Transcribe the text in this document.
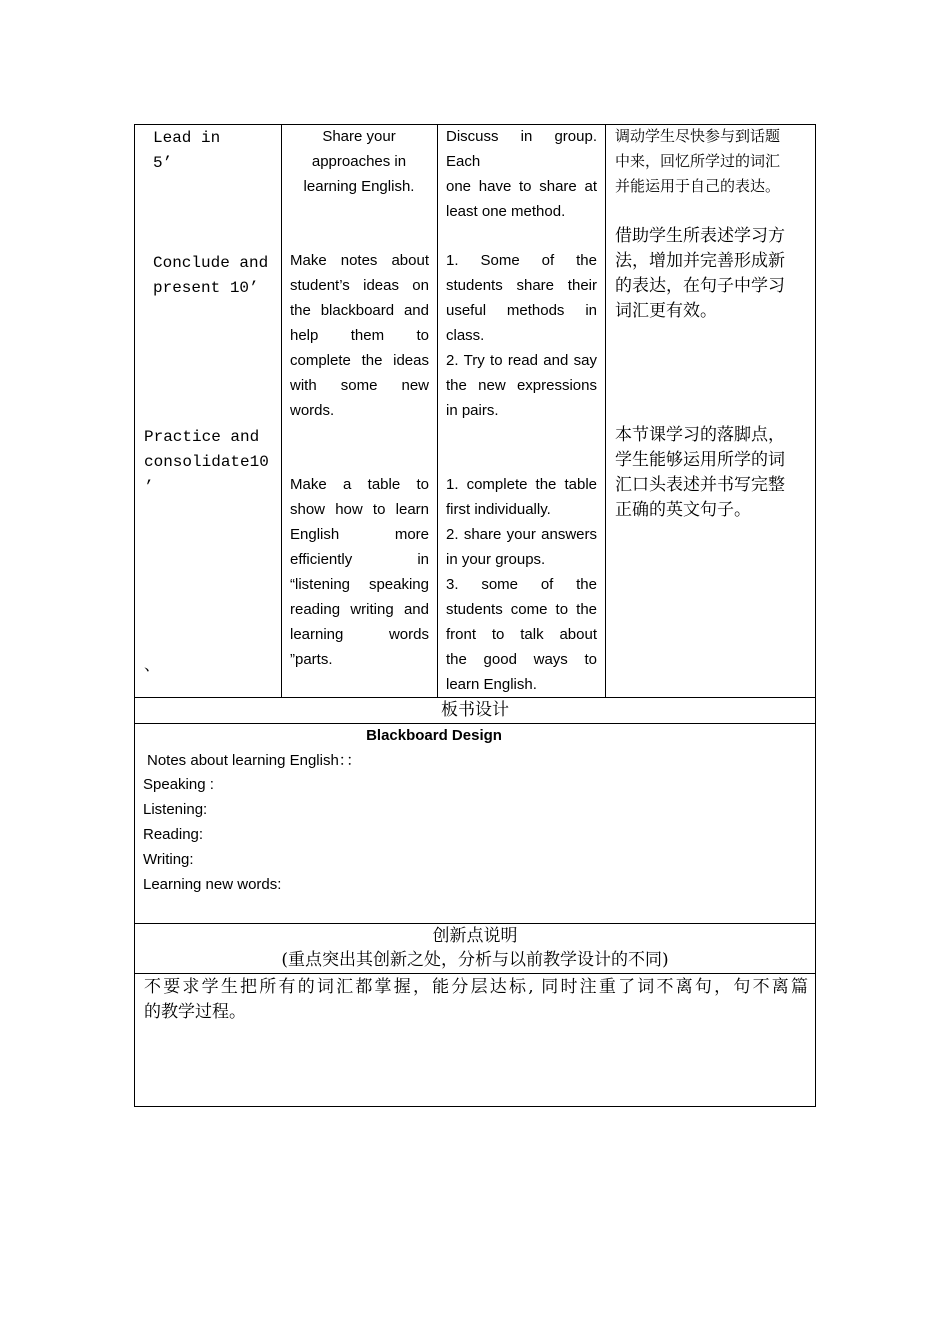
Lead in
5’
Conclude and
present 10’
Practice and
consolidate10
’
、
Share your
approaches in
learning English.
Make notes about
student’s ideas on
the blackboard and
help them to
complete the ideas
with some new
words.
Make a table to
show how to learn
English more
efficiently in
“listening speaking
reading writing and
learning words
”parts.
Discuss in group. Each
one have to share at
least one method.
1. Some of the
students share their
useful methods in
class.
2. Try to read and say
the new expressions
in pairs.
1. complete the table
first individually.
2. share your answers
in your groups.
3. some of the
students come to the
front to talk about
the good ways to
learn English.
调动学生尽快参与到话题
中来，回忆所学过的词汇
并能运用于自己的表达。
借助学生所表述学习方
法，增加并完善形成新
的表达，在句子中学习
词汇更有效。
本节课学习的落脚点，
学生能够运用所学的词
汇口头表述并书写完整
正确的英文句子。
板书设计
Blackboard Design
Notes about learning English：：
Speaking :
Listening:
Reading:
Writing:
Learning new words:
创新点说明
(重点突出其创新之处，分析与以前教学设计的不同)
不要求学生把所有的词汇都掌握，能分层达标, 同时注重了词不离句，句不离篇
的教学过程。
